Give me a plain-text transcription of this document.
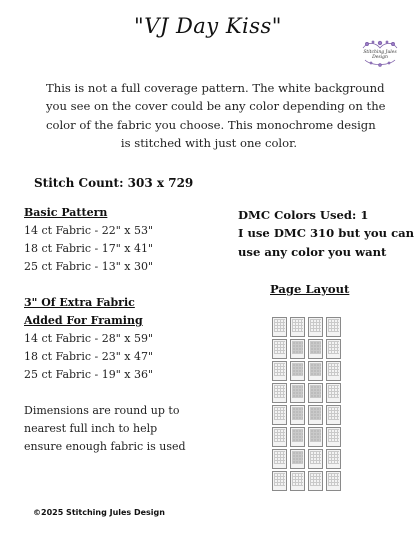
"VJ Day Kiss"
Stitching Jules Design
This is not a full coverage pattern. The white background
you see on the cover could be any color depending on the
color of the fabric you choose. This monochrome design
is stitched with just one color.
Stitch Count: 303 x 729
Basic Pattern
14 ct Fabric - 22" x 53"
18 ct Fabric - 17" x 41"
25 ct Fabric - 13" x 30"
3" Of Extra Fabric
Added For Framing
14 ct Fabric - 28" x 59"
18 ct Fabric - 23" x 47"
25 ct Fabric - 19" x 36"
Dimensions are round up to
nearest full inch to help
ensure enough fabric is used
DMC Colors Used: 1
I use DMC 310 but you can
use any color you want
Page Layout
©2025 Stitching Jules Design
